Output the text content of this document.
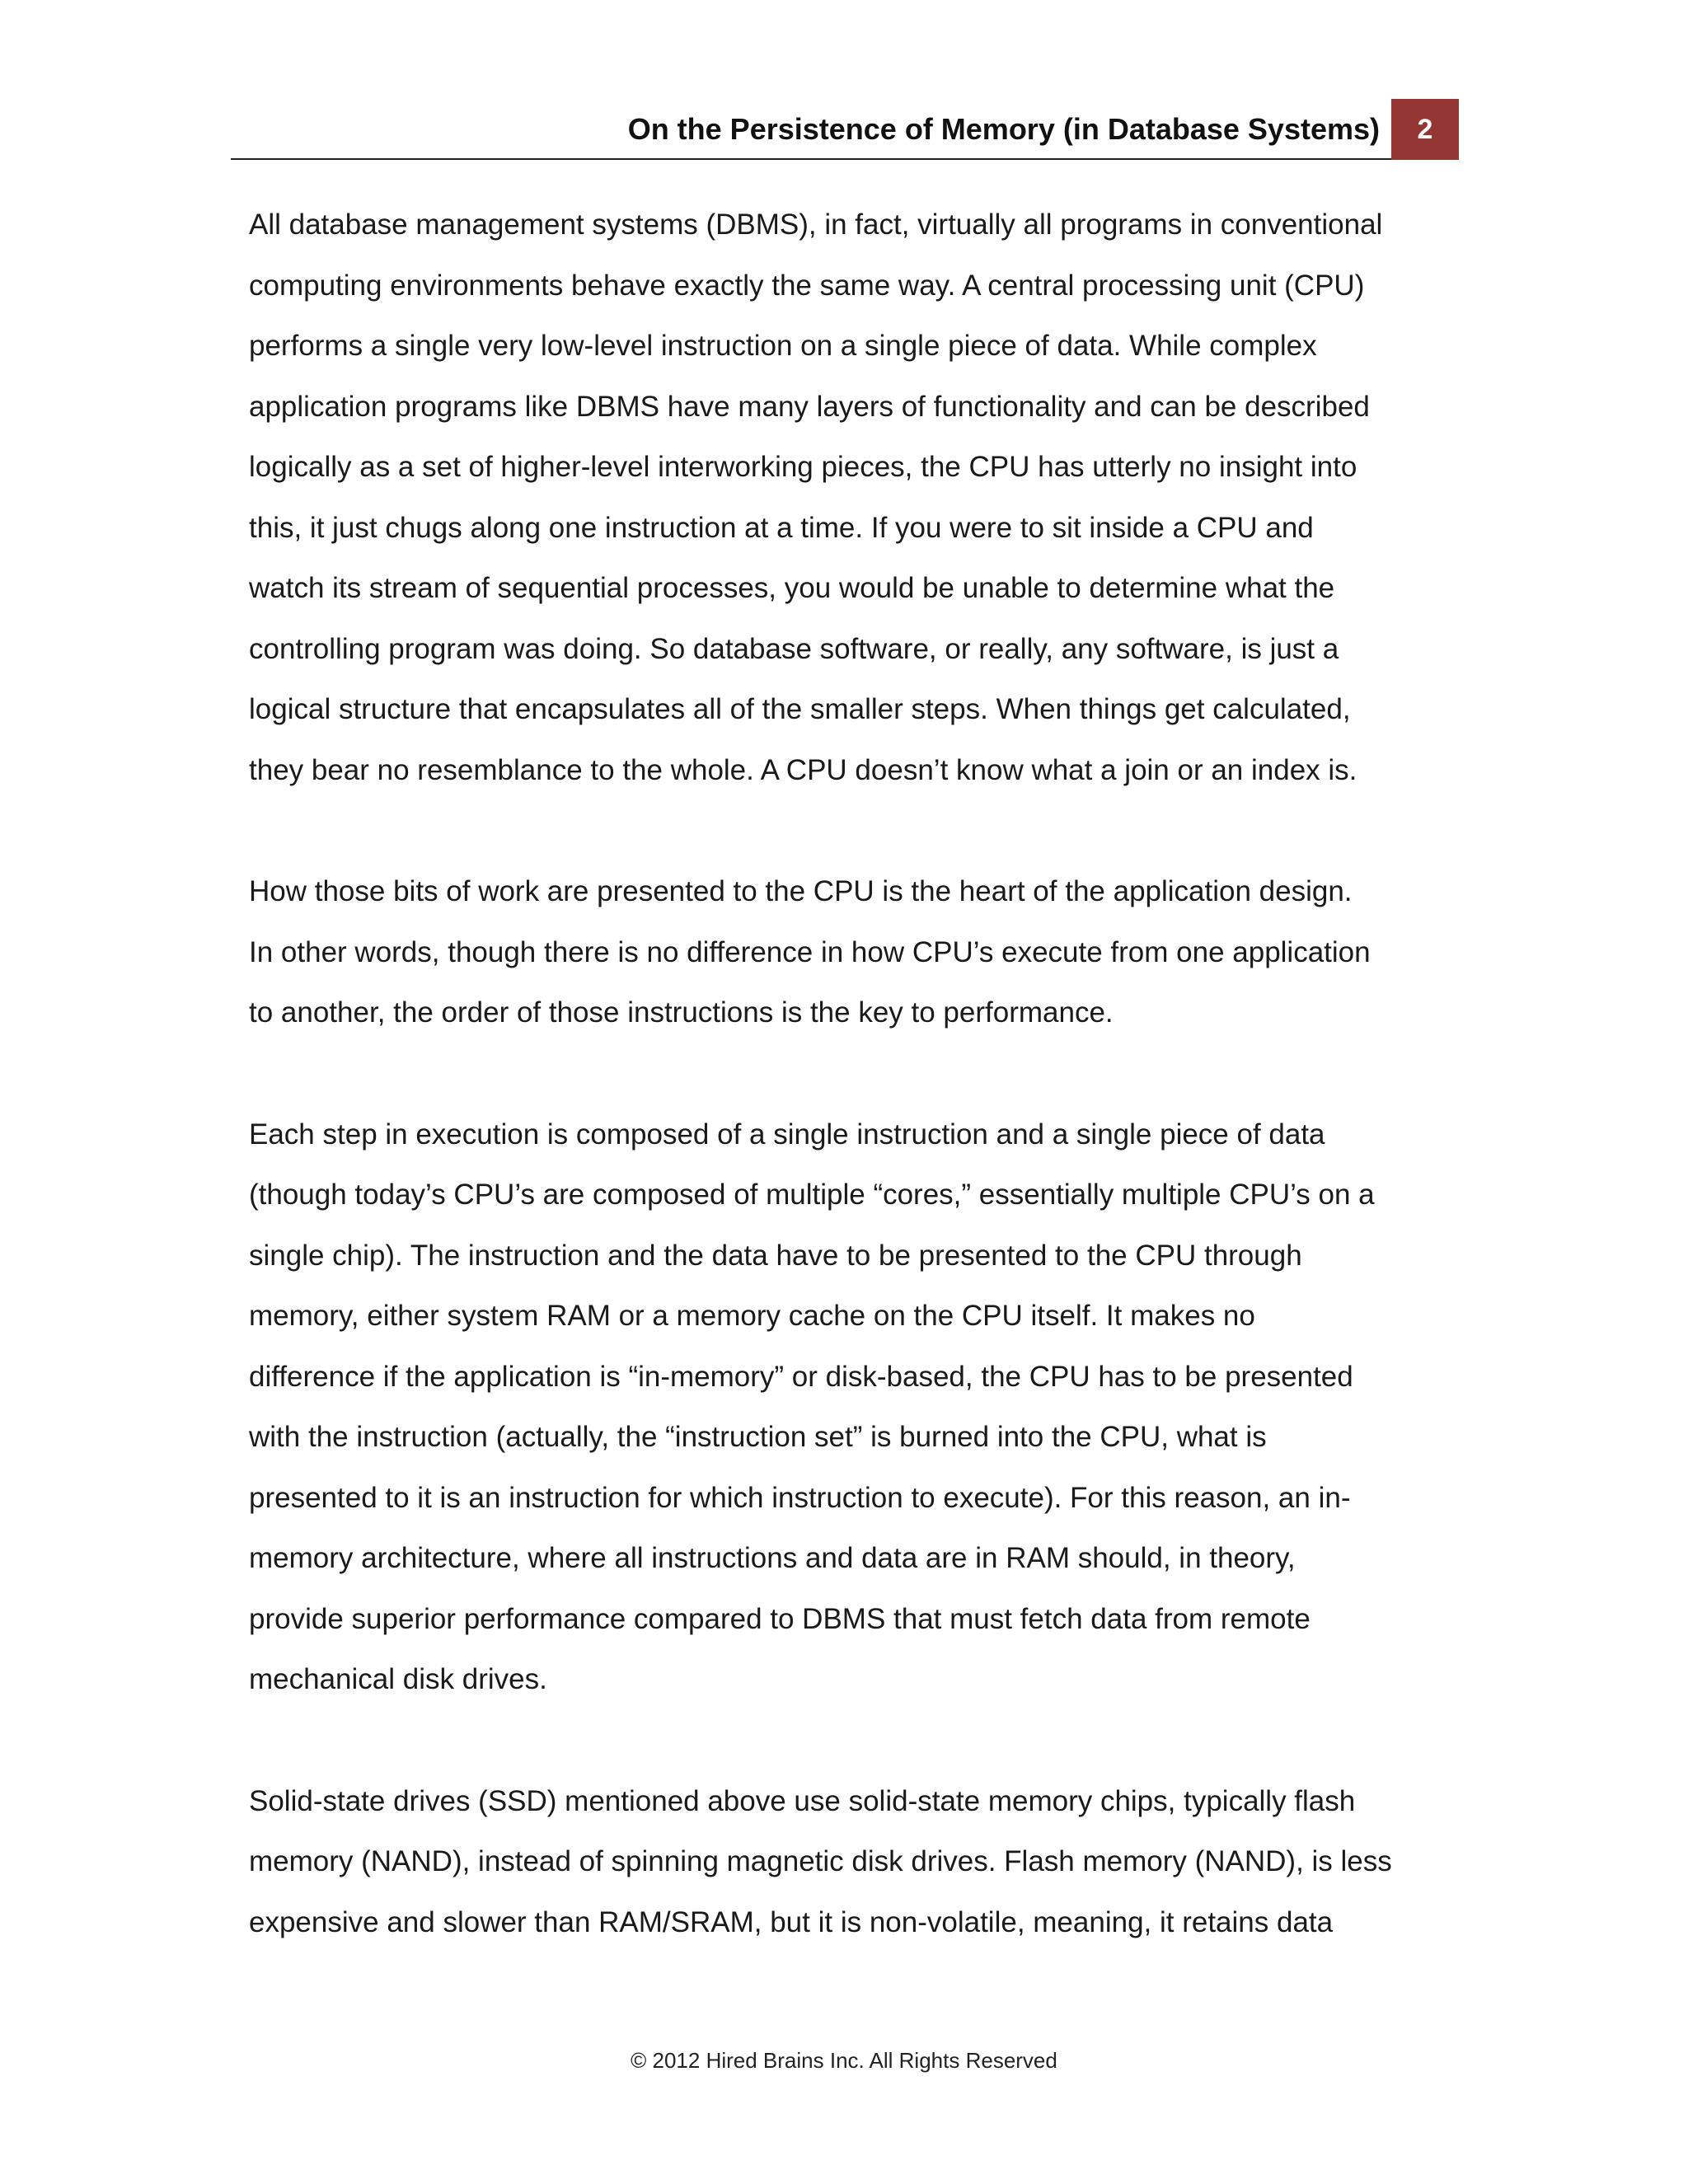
On the Persistence of Memory (in Database Systems)	2

All database management systems (DBMS), in fact, virtually all programs in conventional
computing environments behave exactly the same way. A central processing unit (CPU)
performs a single very low-level instruction on a single piece of data. While complex
application programs like DBMS have many layers of functionality and can be described
logically as a set of higher-level interworking pieces, the CPU has utterly no insight into
this, it just chugs along one instruction at a time. If you were to sit inside a CPU and
watch its stream of sequential processes, you would be unable to determine what the
controlling program was doing. So database software, or really, any software, is just a
logical structure that encapsulates all of the smaller steps. When things get calculated,
they bear no resemblance to the whole. A CPU doesn’t know what a join or an index is.

How those bits of work are presented to the CPU is the heart of the application design.
In other words, though there is no difference in how CPU’s execute from one application
to another, the order of those instructions is the key to performance.

Each step in execution is composed of a single instruction and a single piece of data
(though today’s CPU’s are composed of multiple “cores,” essentially multiple CPU’s on a
single chip). The instruction and the data have to be presented to the CPU through
memory, either system RAM or a memory cache on the CPU itself. It makes no
difference if the application is “in-memory” or disk-based, the CPU has to be presented
with the instruction (actually, the “instruction set” is burned into the CPU, what is
presented to it is an instruction for which instruction to execute). For this reason, an in-
memory architecture, where all instructions and data are in RAM should, in theory,
provide superior performance compared to DBMS that must fetch data from remote
mechanical disk drives.

Solid-state drives (SSD) mentioned above use solid-state memory chips, typically flash
memory (NAND), instead of spinning magnetic disk drives. Flash memory (NAND), is less
expensive and slower than RAM/SRAM, but it is non-volatile, meaning, it retains data

© 2012 Hired Brains Inc. All Rights Reserved
